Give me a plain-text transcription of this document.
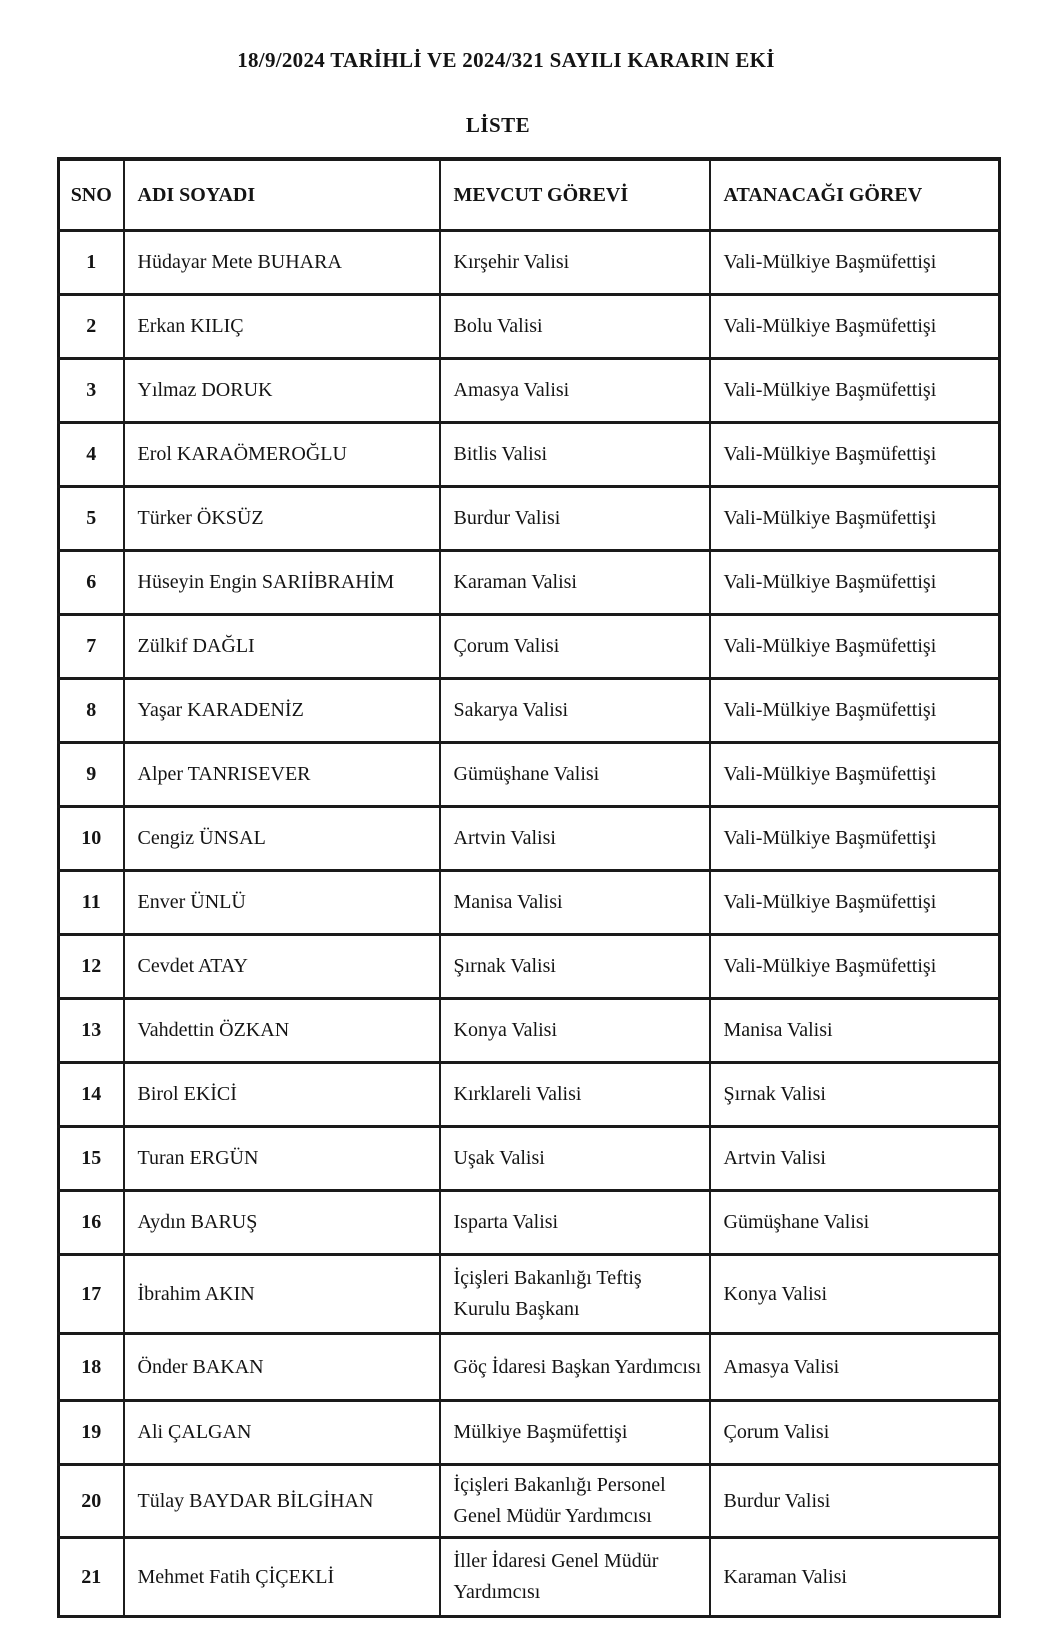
18/9/2024 TARİHLİ VE 2024/321 SAYILI KARARIN EKİ
LİSTE
SNO	ADI SOYADI	MEVCUT GÖREVİ	ATANACAĞI GÖREV
1	Hüdayar Mete BUHARA	Kırşehir Valisi	Vali-Mülkiye Başmüfettişi
2	Erkan KILIÇ	Bolu Valisi	Vali-Mülkiye Başmüfettişi
3	Yılmaz DORUK	Amasya Valisi	Vali-Mülkiye Başmüfettişi
4	Erol KARAÖMEROĞLU	Bitlis Valisi	Vali-Mülkiye Başmüfettişi
5	Türker ÖKSÜZ	Burdur Valisi	Vali-Mülkiye Başmüfettişi
6	Hüseyin Engin SARIİBRAHİM	Karaman Valisi	Vali-Mülkiye Başmüfettişi
7	Zülkif DAĞLI	Çorum Valisi	Vali-Mülkiye Başmüfettişi
8	Yaşar KARADENİZ	Sakarya Valisi	Vali-Mülkiye Başmüfettişi
9	Alper TANRISEVER	Gümüşhane Valisi	Vali-Mülkiye Başmüfettişi
10	Cengiz ÜNSAL	Artvin Valisi	Vali-Mülkiye Başmüfettişi
11	Enver ÜNLÜ	Manisa Valisi	Vali-Mülkiye Başmüfettişi
12	Cevdet ATAY	Şırnak Valisi	Vali-Mülkiye Başmüfettişi
13	Vahdettin ÖZKAN	Konya Valisi	Manisa Valisi
14	Birol EKİCİ	Kırklareli Valisi	Şırnak Valisi
15	Turan ERGÜN	Uşak Valisi	Artvin Valisi
16	Aydın BARUŞ	Isparta Valisi	Gümüşhane Valisi
17	İbrahim AKIN	İçişleri Bakanlığı Teftiş Kurulu Başkanı	Konya Valisi
18	Önder BAKAN	Göç İdaresi Başkan Yardımcısı	Amasya Valisi
19	Ali ÇALGAN	Mülkiye Başmüfettişi	Çorum Valisi
20	Tülay BAYDAR BİLGİHAN	İçişleri Bakanlığı Personel Genel Müdür Yardımcısı	Burdur Valisi
21	Mehmet Fatih ÇİÇEKLİ	İller İdaresi Genel Müdür Yardımcısı	Karaman Valisi
